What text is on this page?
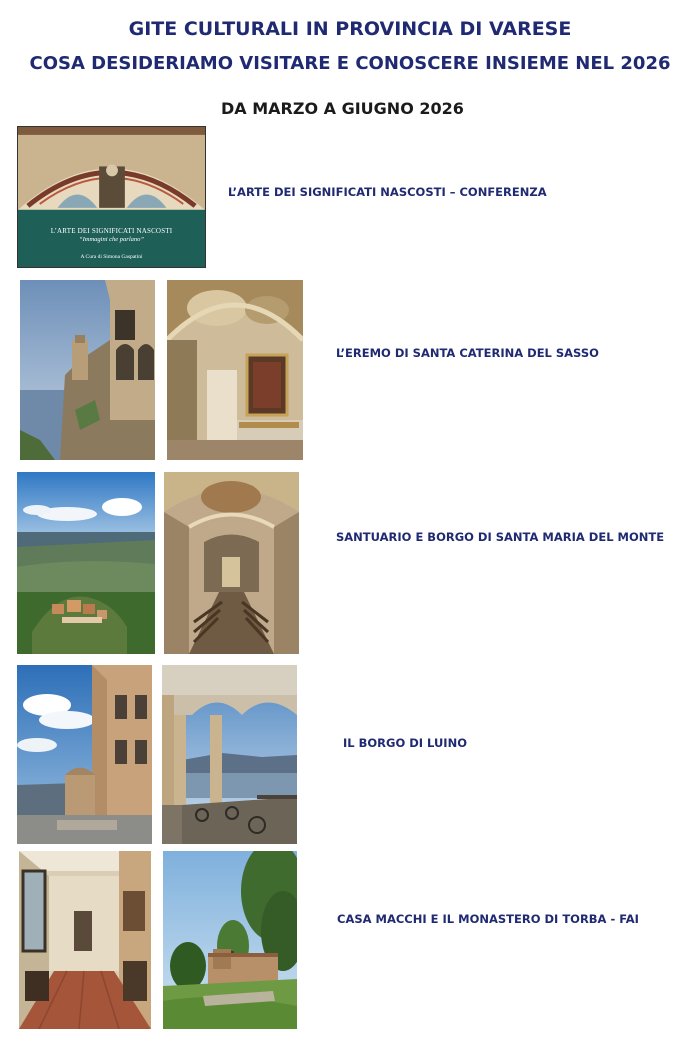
GITE CULTURALI IN PROVINCIA DI VARESE
COSA DESIDERIAMO VISITARE E CONOSCERE INSIEME NEL 2026

DA MARZO A GIUGNO 2026

L’ARTE DEI SIGNIFICATI NASCOSTI
“Immagini che parlano”
A Cura di Simona Gaspatini
L’ARTE DEI SIGNIFICATI NASCOSTI – CONFERENZA
L’EREMO DI SANTA CATERINA DEL SASSO
SANTUARIO E BORGO DI SANTA MARIA DEL MONTE
IL BORGO DI LUINO
CASA MACCHI E IL MONASTERO DI TORBA - FAI
